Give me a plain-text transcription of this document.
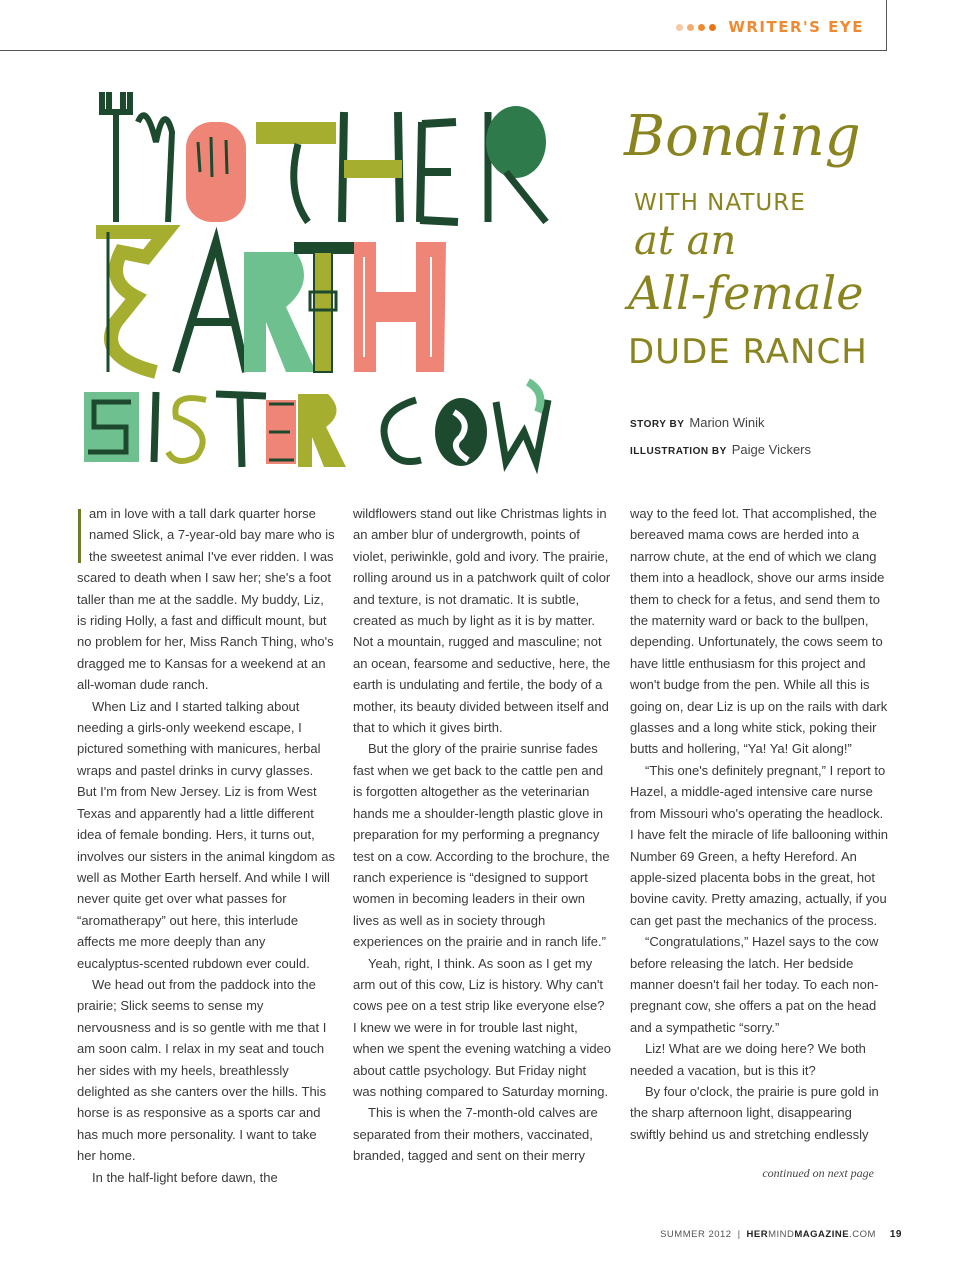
WRITER'S EYE
Bonding
WITH NATURE
at an
All-female
DUDE RANCH
STORY BY Marion Winik
ILLUSTRATION BY Paige Vickers

am in love with a tall dark quarter horse named Slick, a 7-year-old bay mare who is the sweetest animal I've ever ridden. I was scared to death when I saw her; she's a foot taller than me at the saddle. My buddy, Liz, is riding Holly, a fast and difficult mount, but no problem for her, Miss Ranch Thing, who's dragged me to Kansas for a weekend at an all-woman dude ranch.

When Liz and I started talking about needing a girls-only weekend escape, I pictured something with manicures, herbal wraps and pastel drinks in curvy glasses. But I'm from New Jersey. Liz is from West Texas and apparently had a little different idea of female bonding. Hers, it turns out, involves our sisters in the animal kingdom as well as Mother Earth herself. And while I will never quite get over what passes for “aromatherapy” out here, this interlude affects me more deeply than any eucalyptus-scented rubdown ever could.

We head out from the paddock into the prairie; Slick seems to sense my nervousness and is so gentle with me that I am soon calm. I relax in my seat and touch her sides with my heels, breathlessly delighted as she canters over the hills. This horse is as responsive as a sports car and has much more personality. I want to take her home.

In the half-light before dawn, the

wildflowers stand out like Christmas lights in an amber blur of undergrowth, points of violet, periwinkle, gold and ivory. The prairie, rolling around us in a patchwork quilt of color and texture, is not dramatic. It is subtle, created as much by light as it is by matter. Not a mountain, rugged and masculine; not an ocean, fearsome and seductive, here, the earth is undulating and fertile, the body of a mother, its beauty divided between itself and that to which it gives birth.

But the glory of the prairie sunrise fades fast when we get back to the cattle pen and is forgotten altogether as the veterinarian hands me a shoulder-length plastic glove in preparation for my performing a pregnancy test on a cow. According to the brochure, the ranch experience is “designed to support women in becoming leaders in their own lives as well as in society through experiences on the prairie and in ranch life.”

Yeah, right, I think. As soon as I get my arm out of this cow, Liz is history. Why can't cows pee on a test strip like everyone else? I knew we were in for trouble last night, when we spent the evening watching a video about cattle psychology. But Friday night was nothing compared to Saturday morning.

This is when the 7-month-old calves are separated from their mothers, vaccinated, branded, tagged and sent on their merry

way to the feed lot. That accomplished, the bereaved mama cows are herded into a narrow chute, at the end of which we clang them into a headlock, shove our arms inside them to check for a fetus, and send them to the maternity ward or back to the bullpen, depending. Unfortunately, the cows seem to have little enthusiasm for this project and won't budge from the pen. While all this is going on, dear Liz is up on the rails with dark glasses and a long white stick, poking their butts and hollering, “Ya! Ya! Git along!”

“This one's definitely pregnant,” I report to Hazel, a middle-aged intensive care nurse from Missouri who's operating the headlock. I have felt the miracle of life ballooning within Number 69 Green, a hefty Hereford. An apple-sized placenta bobs in the great, hot bovine cavity. Pretty amazing, actually, if you can get past the mechanics of the process.

“Congratulations,” Hazel says to the cow before releasing the latch. Her bedside manner doesn't fail her today. To each non-pregnant cow, she offers a pat on the head and a sympathetic “sorry.”

Liz! What are we doing here? We both needed a vacation, but is this it?

By four o'clock, the prairie is pure gold in the sharp afternoon light, disappearing swiftly behind us and stretching endlessly

continued on next page
SUMMER 2012 | HERMINDMAGAZINE.COM 19
